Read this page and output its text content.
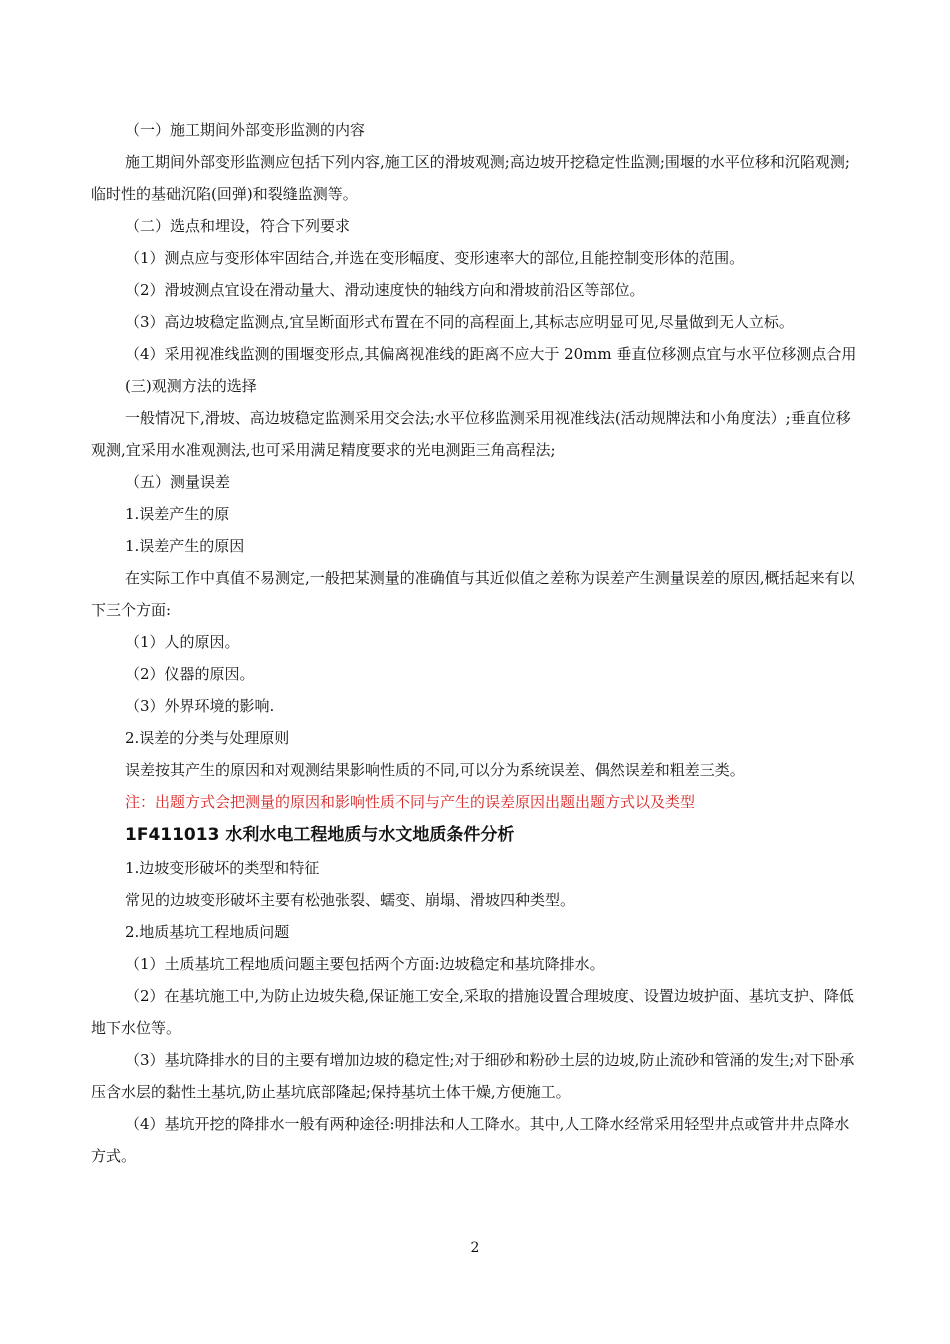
（一）施工期间外部变形监测的内容

施工期间外部变形监测应包括下列内容,施工区的滑坡观测;高边坡开挖稳定性监测;围堰的水平位移和沉陷观测;临时性的基础沉陷(回弹)和裂缝监测等。

（二）选点和埋设，符合下列要求

（1）测点应与变形体牢固结合,并选在变形幅度、变形速率大的部位,且能控制变形体的范围。

（2）滑坡测点宜设在滑动量大、滑动速度快的轴线方向和滑坡前沿区等部位。

（3）高边坡稳定监测点,宜呈断面形式布置在不同的高程面上,其标志应明显可见,尽量做到无人立标。

（4）采用视准线监测的围堰变形点,其偏离视准线的距离不应大于 20mm 垂直位移测点宜与水平位移测点合用

(三)观测方法的选择

一般情况下,滑坡、高边坡稳定监测采用交会法;水平位移监测采用视准线法(活动规牌法和小角度法）;垂直位移观测,宜采用水准观测法,也可采用满足精度要求的光电测距三角高程法;

（五）测量误差

1.误差产生的原

1.误差产生的原因

在实际工作中真值不易测定,一般把某测量的准确值与其近似值之差称为误差产生测量误差的原因,概括起来有以下三个方面:

（1）人的原因。

（2）仪器的原因。

（3）外界环境的影响.

2.误差的分类与处理原则

误差按其产生的原因和对观测结果影响性质的不同,可以分为系统误差、偶然误差和粗差三类。

注：出题方式会把测量的原因和影响性质不同与产生的误差原因出题出题方式以及类型

1F411013 水利水电工程地质与水文地质条件分析

1.边坡变形破坏的类型和特征

常见的边坡变形破坏主要有松弛张裂、蠕变、崩塌、滑坡四种类型。

2.地质基坑工程地质问题

（1）土质基坑工程地质问题主要包括两个方面:边坡稳定和基坑降排水。

（2）在基坑施工中,为防止边坡失稳,保证施工安全,采取的措施设置合理坡度、设置边坡护面、基坑支护、降低地下水位等。

（3）基坑降排水的目的主要有增加边坡的稳定性;对于细砂和粉砂土层的边坡,防止流砂和管涌的发生;对下卧承压含水层的黏性土基坑,防止基坑底部隆起;保持基坑土体干燥,方便施工。

（4）基坑开挖的降排水一般有两种途径:明排法和人工降水。其中,人工降水经常采用轻型井点或管井井点降水方式。

2
